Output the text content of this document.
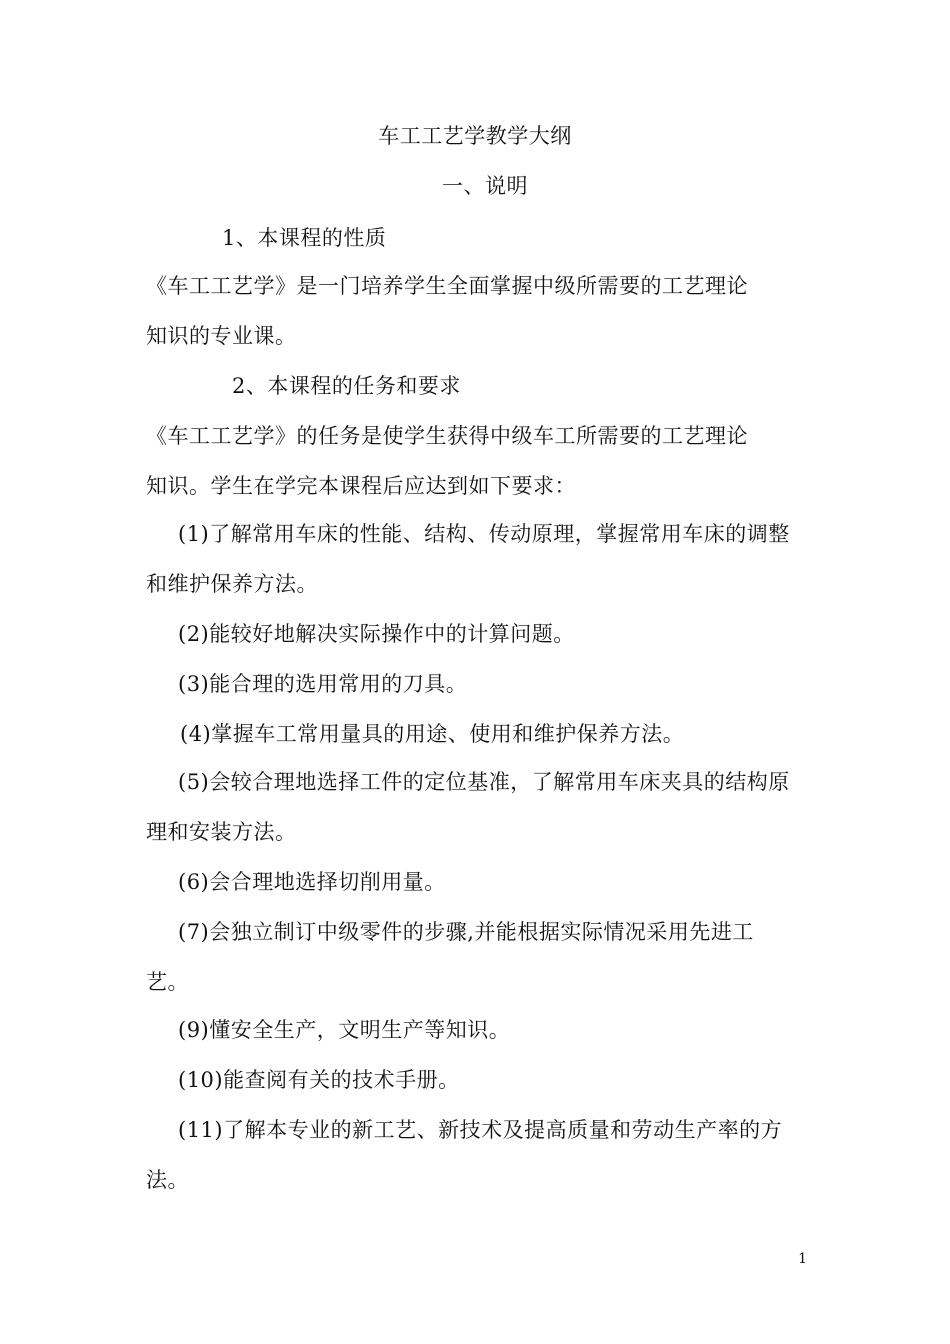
车工工艺学教学大纲
一、说明
1、本课程的性质
《车工工艺学》是一门培养学生全面掌握中级所需要的工艺理论
知识的专业课。
2、本课程的任务和要求
《车工工艺学》的任务是使学生获得中级车工所需要的工艺理论
知识。学生在学完本课程后应达到如下要求：
(1)了解常用车床的性能、结构、传动原理，掌握常用车床的调整
和维护保养方法。
(2)能较好地解决实际操作中的计算问题。
(3)能合理的选用常用的刀具。
(4)掌握车工常用量具的用途、使用和维护保养方法。
(5)会较合理地选择工件的定位基准，了解常用车床夹具的结构原
理和安装方法。
(6)会合理地选择切削用量。
(7)会独立制订中级零件的步骤,并能根据实际情况采用先进工
艺。
(9)懂安全生产，文明生产等知识。
(10)能查阅有关的技术手册。
(11)了解本专业的新工艺、新技术及提高质量和劳动生产率的方
法。
1
